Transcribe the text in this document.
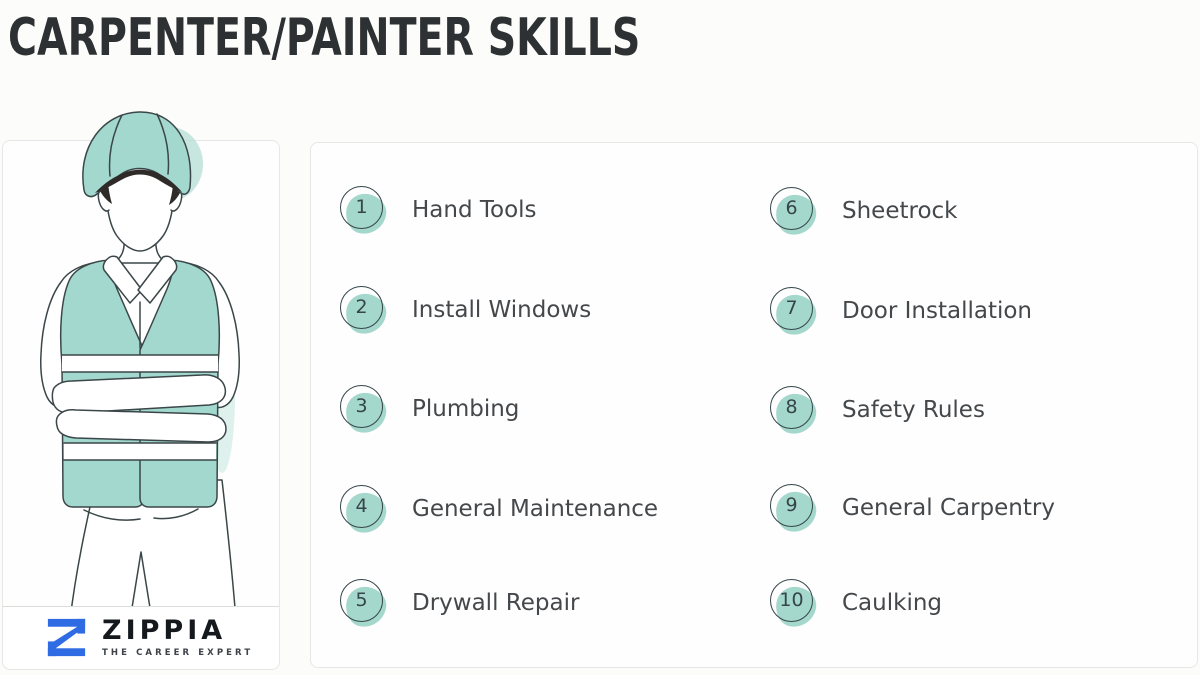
CARPENTER/PAINTER SKILLS
ZIPPIA
THE CAREER EXPERT
1 Hand Tools
2 Install Windows
3 Plumbing
4 General Maintenance
5 Drywall Repair
6 Sheetrock
7 Door Installation
8 Safety Rules
9 General Carpentry
10 Caulking
